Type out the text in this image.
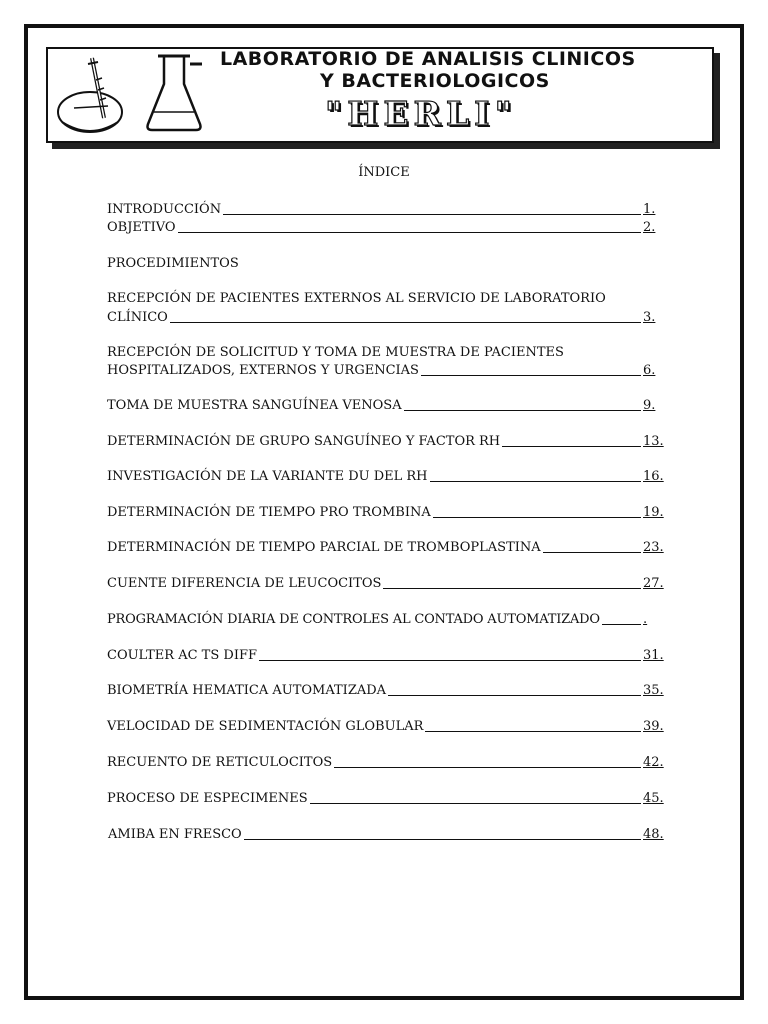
LABORATORIO DE ANALISIS CLINICOS
Y BACTERIOLOGICOS
"HERLI"
ÍNDICE
INTRODUCCIÓN	1.
OBJETIVO	2.
PROCEDIMIENTOS
RECEPCIÓN DE PACIENTES EXTERNOS AL SERVICIO DE LABORATORIO
CLÍNICO	3.
RECEPCIÓN DE SOLICITUD Y TOMA DE MUESTRA DE PACIENTES
HOSPITALIZADOS, EXTERNOS Y URGENCIAS	6.
TOMA DE MUESTRA SANGUÍNEA VENOSA	9.
DETERMINACIÓN DE GRUPO SANGUÍNEO Y FACTOR RH	13.
INVESTIGACIÓN DE LA VARIANTE DU DEL RH	16.
DETERMINACIÓN DE TIEMPO PRO TROMBINA	19.
DETERMINACIÓN DE TIEMPO PARCIAL DE TROMBOPLASTINA	23.
CUENTE DIFERENCIA DE LEUCOCITOS	27.
PROGRAMACIÓN DIARIA DE CONTROLES AL CONTADO AUTOMATIZADO	.
COULTER AC TS DIFF	31.
BIOMETRÍA HEMATICA AUTOMATIZADA	35.
VELOCIDAD DE SEDIMENTACIÓN GLOBULAR	39.
RECUENTO DE RETICULOCITOS	42.
PROCESO DE ESPECIMENES	45.
AMIBA EN FRESCO	48.
